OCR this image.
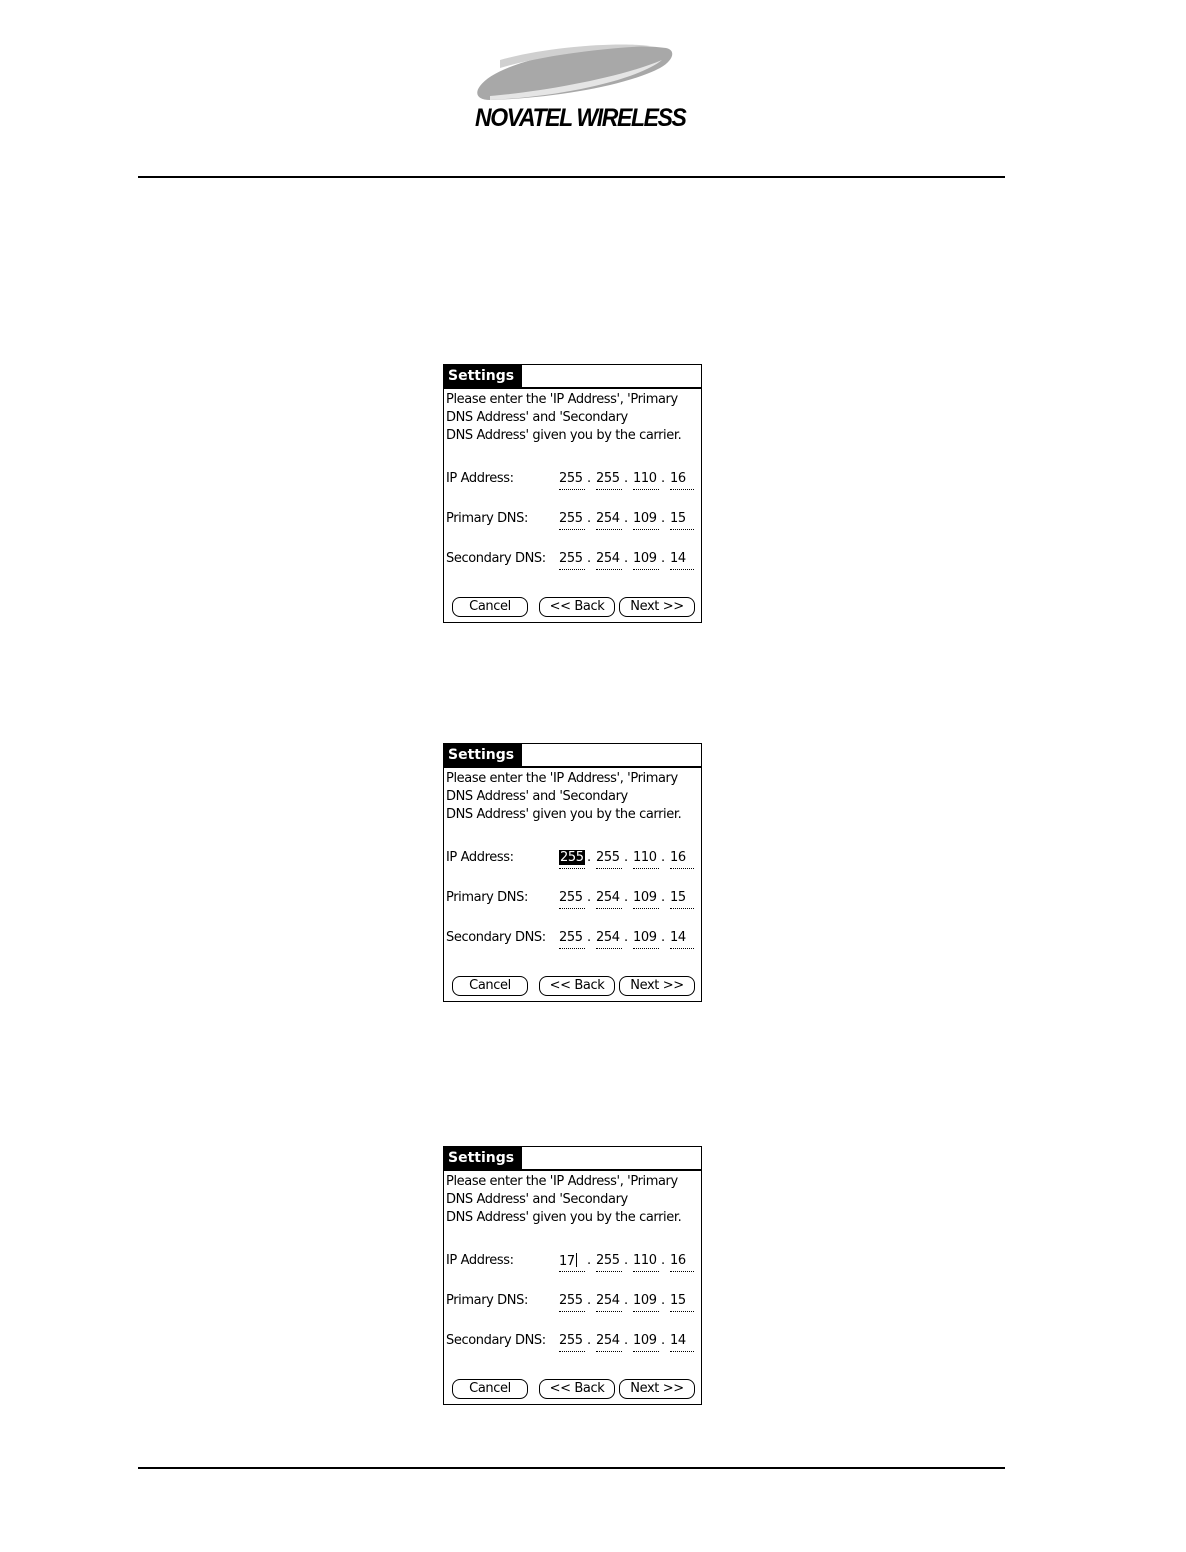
NOVATEL WIRELESS
Settings
Please enter the 'IP Address', 'Primary
DNS Address' and 'Secondary
DNS Address' given you by the carrier.
IP Address:	255 . 255 . 110 . 16
Primary DNS: 255 . 254 . 109 . 15
Secondary DNS: 255 . 254 . 109 . 14
Cancel	<< Back	Next >>
Settings
Please enter the 'IP Address', 'Primary
DNS Address' and 'Secondary
DNS Address' given you by the carrier.
IP Address:	255 . 255 . 110 . 16
Primary DNS: 255 . 254 . 109 . 15
Secondary DNS: 255 . 254 . 109 . 14
Cancel	<< Back	Next >>
Settings
Please enter the 'IP Address', 'Primary
DNS Address' and 'Secondary
DNS Address' given you by the carrier.
IP Address:	17 . 255 . 110 . 16
Primary DNS: 255 . 254 . 109 . 15
Secondary DNS: 255 . 254 . 109 . 14
Cancel	<< Back	Next >>
